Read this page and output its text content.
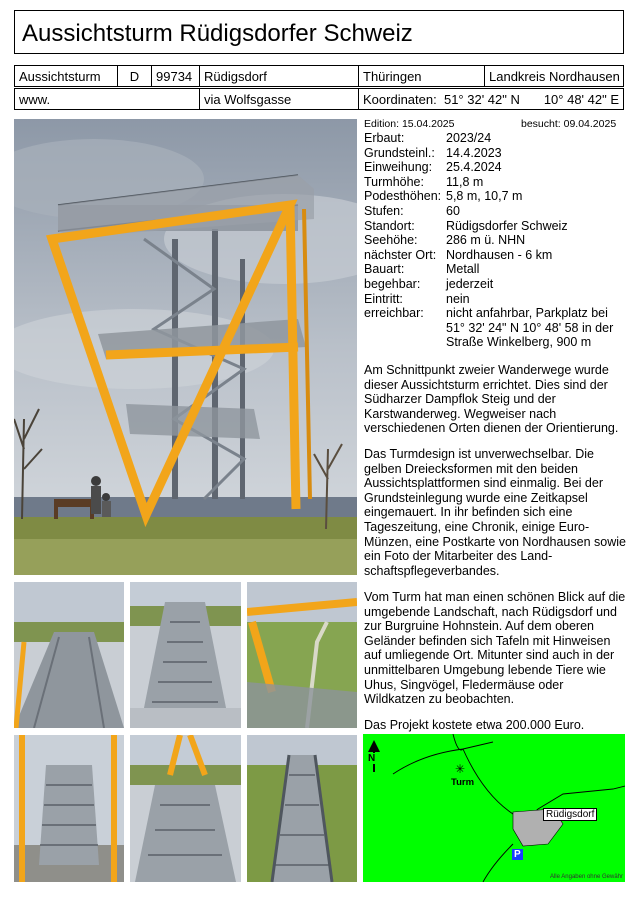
Aussichtsturm Rüdigsdorfer Schweiz
Aussichtsturm	D	99734 Rüdigsdorf	Thüringen	Landkreis Nordhausen
www.	via Wolfsgasse	Koordinaten: 51° 32' 42" N 10° 48' 42" E
Edition: 15.04.2025	besucht: 09.04.2025
Erbaut:	2023/24
Grundsteinl.: 14.4.2023
Einweihung: 25.4.2024
Turmhöhe: 11,8 m
Podesthöhen: 5,8 m, 10,7 m
Stufen:	60
Standort:	Rüdigsdorfer Schweiz
Seehöhe: 286 m ü. NHN
nächster Ort: Nordhausen - 6 km
Bauart:	Metall
begehbar: jederzeit
Eintritt:	nein
erreichbar: nicht anfahrbar, Parkplatz bei
51° 32' 24" N 10° 48' 58 in der
Straße Winkelberg, 900 m
Am Schnittpunkt zweier Wanderwege wurde dieser Aussichtsturm errichtet. Dies sind der Südharzer Dampflok Steig und der Karstwanderweg. Wegweiser nach verschiedenen Orten dienen der Orientierung.
Das Turmdesign ist unverwechselbar. Die gelben Dreiecksformen mit den beiden Aussichtsplattformen sind einmalig. Bei der Grundsteinlegung wurde eine Zeitkapsel eingemauert. In ihr befinden sich eine Tageszeitung, eine Chronik, einige Euro-Münzen, eine Postkarte von Nordhausen sowie ein Foto der Mitarbeiter des Land-schaftspflegeverbandes.
Vom Turm hat man einen schönen Blick auf die umgebende Landschaft, nach Rüdigsdorf und zur Burgruine Hohnstein. Auf dem oberen Geländer befinden sich Tafeln mit Hinweisen auf umliegende Ort. Mitunter sind auch in der unmittelbaren Umgebung lebende Tiere wie Uhus, Singvögel, Fledermäuse oder Wildkatzen zu beobachten.
Das Projekt kostete etwa 200.000 Euro.
N
✳
Turm
Rüdigsdorf
P
Alle Angaben ohne Gewähr
